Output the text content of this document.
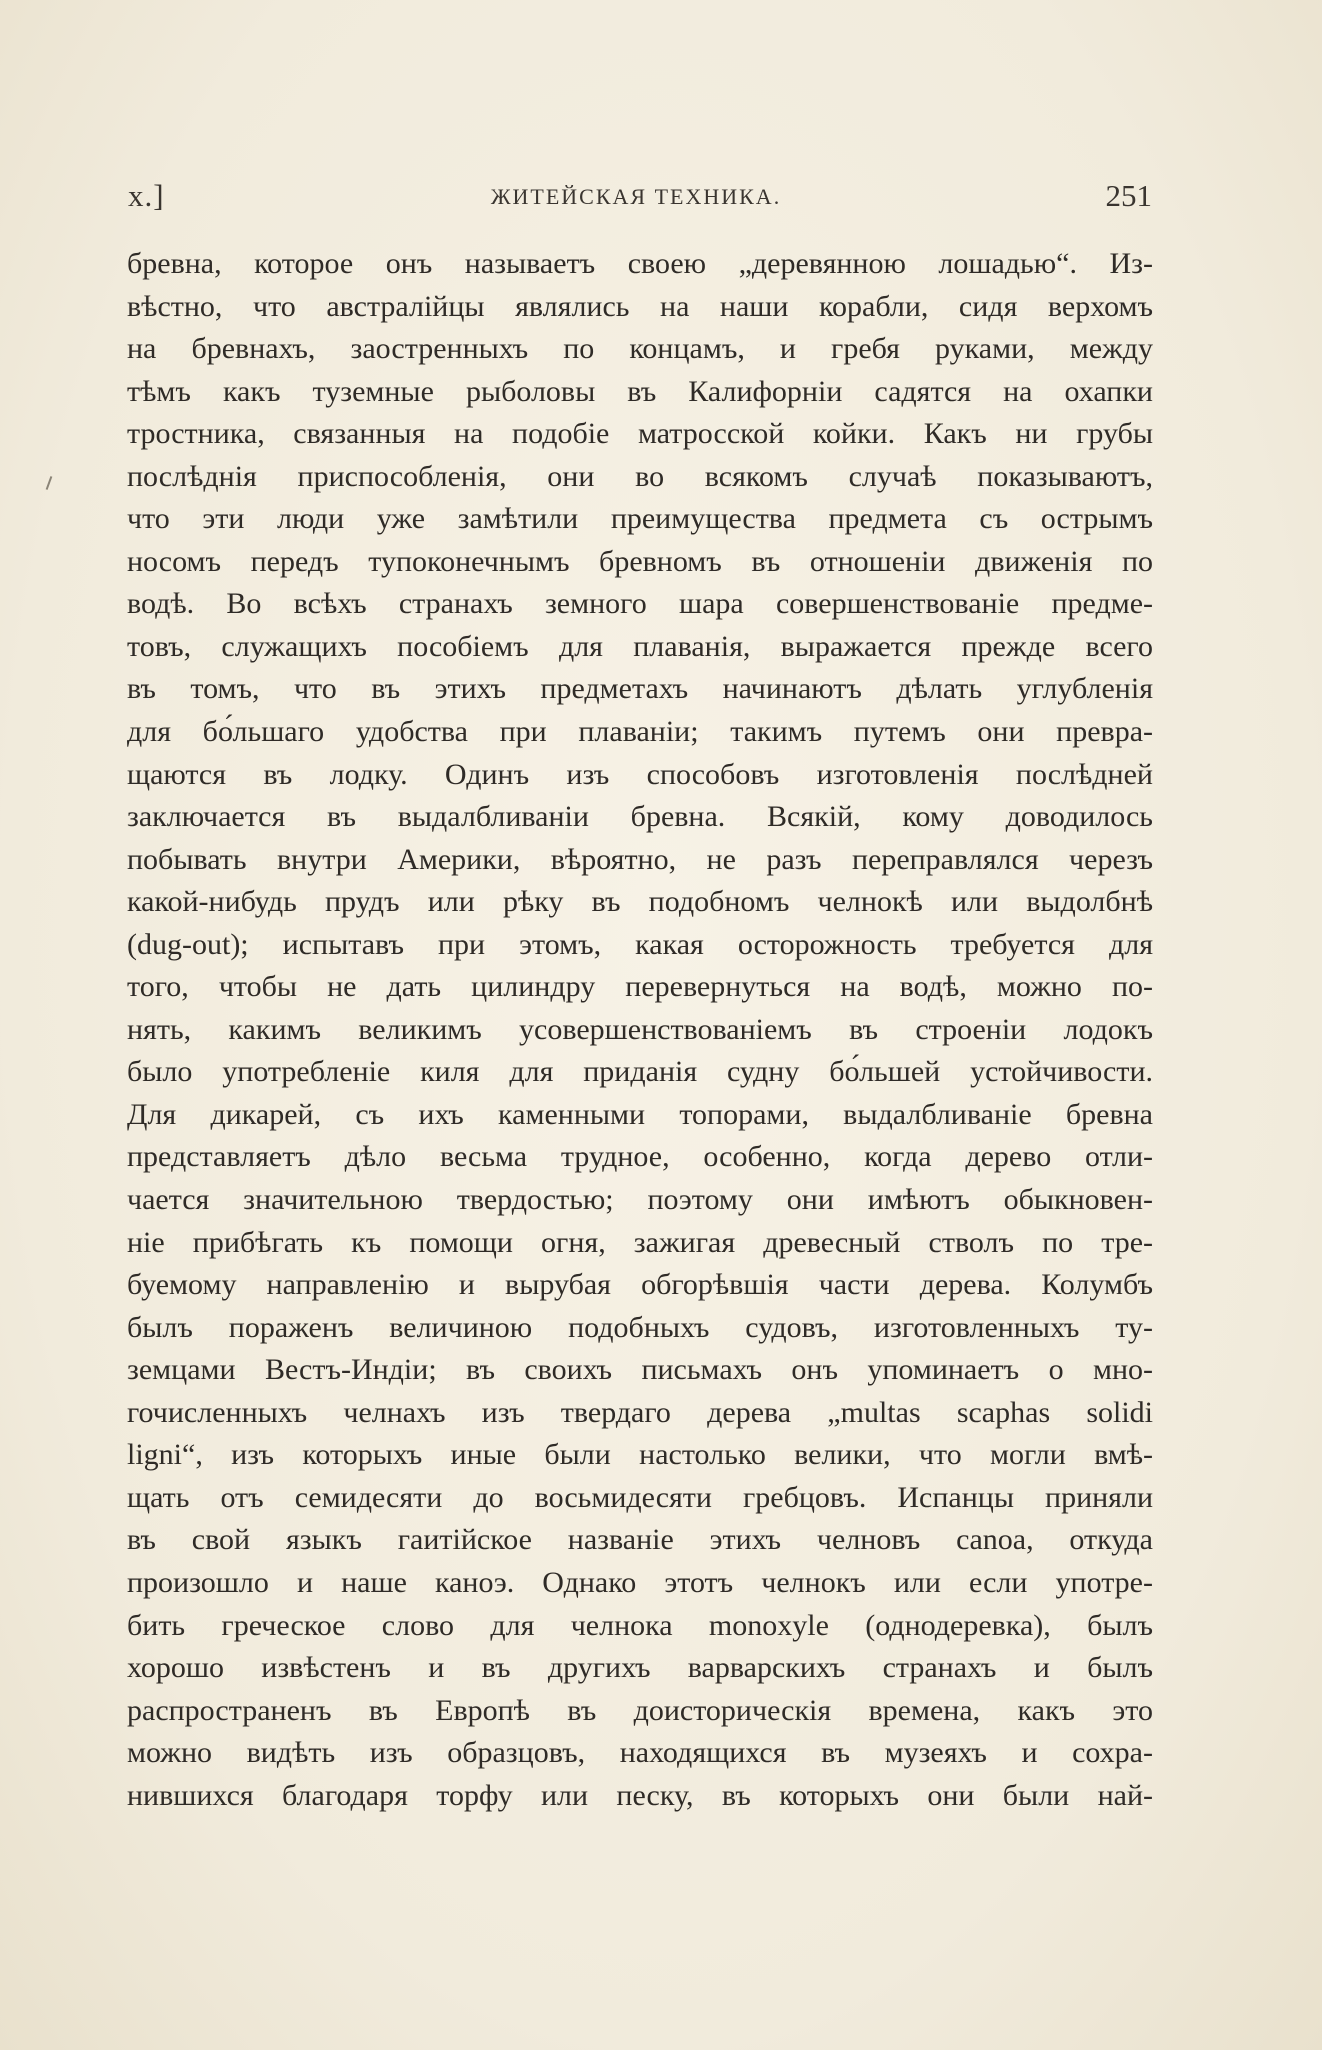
x.]	ЖИТЕЙСКАЯ ТЕХНИКА.	251
бревна, которое онъ называетъ своею „деревянною лошадью“. Из-
вѣстно, что австралійцы являлись на наши корабли, сидя верхомъ
на бревнахъ, заостренныхъ по концамъ, и гребя руками, между
тѣмъ какъ туземные рыболовы въ Калифорніи садятся на охапки
тростника, связанныя на подобіе матросской койки. Какъ ни грубы
послѣднія приспособленія, они во всякомъ случаѣ показываютъ,
что эти люди уже замѣтили преимущества предмета съ острымъ
носомъ передъ тупоконечнымъ бревномъ въ отношеніи движенія по
водѣ. Во всѣхъ странахъ земного шара совершенствованіе предме-
товъ, служащихъ пособіемъ для плаванія, выражается прежде всего
въ томъ, что въ этихъ предметахъ начинаютъ дѣлать углубленія
для бо́льшаго удобства при плаваніи; такимъ путемъ они превра-
щаются въ лодку. Одинъ изъ способовъ изготовленія послѣдней
заключается въ выдалбливаніи бревна. Всякій, кому доводилось
побывать внутри Америки, вѣроятно, не разъ переправлялся черезъ
какой-нибудь прудъ или рѣку въ подобномъ челнокѣ или выдолбнѣ
(dug-out); испытавъ при этомъ, какая осторожность требуется для
того, чтобы не дать цилиндру перевернуться на водѣ, можно по-
нять, какимъ великимъ усовершенствованіемъ въ строеніи лодокъ
было употребленіе киля для приданія судну бо́льшей устойчивости.
Для дикарей, съ ихъ каменными топорами, выдалбливаніе бревна
представляетъ дѣло весьма трудное, особенно, когда дерево отли-
чается значительною твердостью; поэтому они имѣютъ обыкновен-
ніе прибѣгать къ помощи огня, зажигая древесный стволъ по тре-
буемому направленію и вырубая обгорѣвшія части дерева. Колумбъ
былъ пораженъ величиною подобныхъ судовъ, изготовленныхъ ту-
земцами Вестъ-Индіи; въ своихъ письмахъ онъ упоминаетъ о мно-
гочисленныхъ челнахъ изъ твердаго дерева „multas scaphas solidi
ligni“, изъ которыхъ иные были настолько велики, что могли вмѣ-
щать отъ семидесяти до восьмидесяти гребцовъ. Испанцы приняли
въ свой языкъ гаитійское названіе этихъ челновъ canoa, откуда
произошло и наше каноэ. Однако этотъ челнокъ или если употре-
бить греческое слово для челнока monoxyle (однодеревка), былъ
хорошо извѣстенъ и въ другихъ варварскихъ странахъ и былъ
распространенъ въ Европѣ въ доисторическія времена, какъ это
можно видѣть изъ образцовъ, находящихся въ музеяхъ и сохра-
нившихся благодаря торфу или песку, въ которыхъ они были най-
